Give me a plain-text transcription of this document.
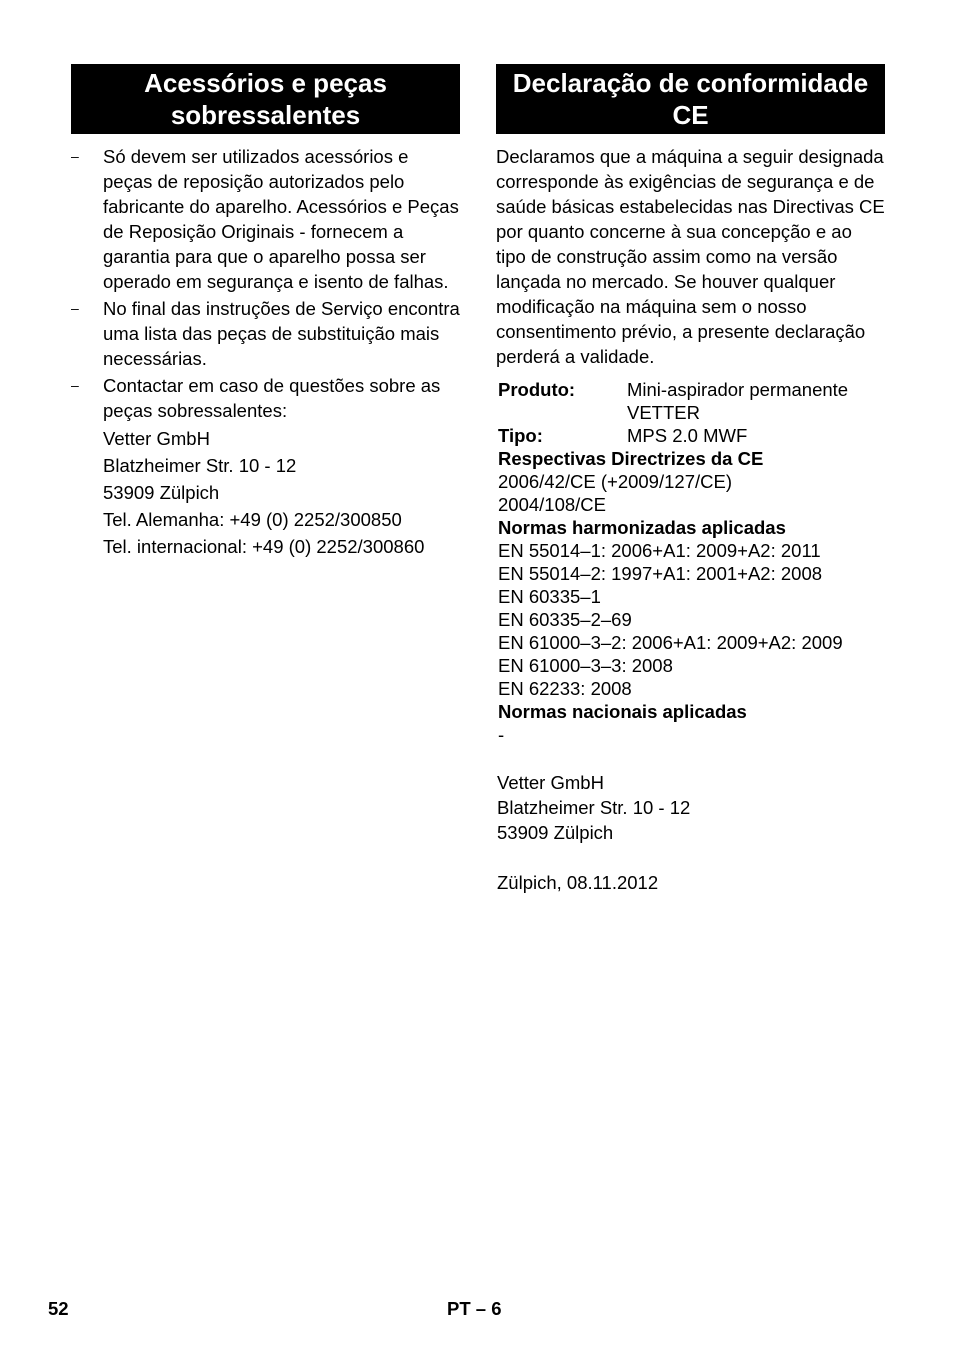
Acessórios e peças sobressalentes
–	Só devem ser utilizados acessórios e peças de reposição autorizados pelo fabricante do aparelho. Acessórios e Peças de Reposição Originais - fornecem a garantia para que o aparelho possa ser operado em segurança e isento de falhas.
–	No final das instruções de Serviço encontra uma lista das peças de substituição mais necessárias.
–	Contactar em caso de questões sobre as peças sobressalentes:
Vetter GmbH
Blatzheimer Str. 10 - 12
53909 Zülpich
Tel. Alemanha: +49 (0) 2252/300850
Tel. internacional: +49 (0) 2252/300860
Declaração de conformidade CE
Declaramos que a máquina a seguir designada corresponde às exigências de segurança e de saúde básicas estabelecidas nas Directivas CE por quanto concerne à sua concepção e ao tipo de construção assim como na versão lançada no mercado. Se houver qualquer modificação na máquina sem o nosso consentimento prévio, a presente declaração perderá a validade.
Produto:	Mini-aspirador permanente
VETTER
Tipo:	MPS 2.0 MWF
Respectivas Directrizes da CE
2006/42/CE (+2009/127/CE)
2004/108/CE
Normas harmonizadas aplicadas
EN 55014–1: 2006+A1: 2009+A2: 2011
EN 55014–2: 1997+A1: 2001+A2: 2008
EN 60335–1
EN 60335–2–69
EN 61000–3–2: 2006+A1: 2009+A2: 2009
EN 61000–3–3: 2008
EN 62233: 2008
Normas nacionais aplicadas
-
Vetter GmbH
Blatzheimer Str. 10 - 12
53909 Zülpich
Zülpich, 08.11.2012
52	PT – 6
